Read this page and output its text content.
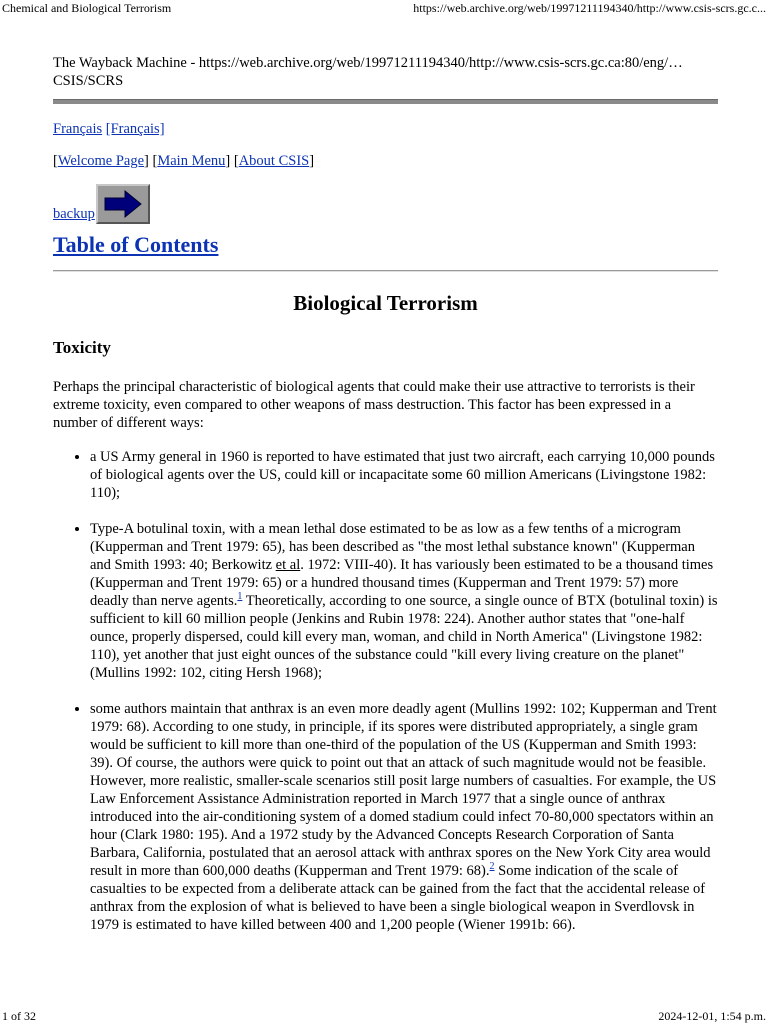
Chemical and Biological Terrorism	https://web.archive.org/web/19971211194340/http://www.csis-scrs.gc.c...

The Wayback Machine - https://web.archive.org/web/19971211194340/http://www.csis-scrs.gc.ca:80/eng/…
CSIS/SCRS

Français [Français]

[Welcome Page] [Main Menu] [About CSIS]

backup

Table of Contents

Biological Terrorism
Toxicity

Perhaps the principal characteristic of biological agents that could make their use attractive to terrorists is their extreme toxicity, even compared to other weapons of mass destruction. This factor has been expressed in a number of different ways:

• a US Army general in 1960 is reported to have estimated that just two aircraft, each carrying 10,000 pounds of biological agents over the US, could kill or incapacitate some 60 million Americans (Livingstone 1982: 110);
• Type-A botulinal toxin, with a mean lethal dose estimated to be as low as a few tenths of a microgram (Kupperman and Trent 1979: 65), has been described as "the most lethal substance known" (Kupperman and Smith 1993: 40; Berkowitz et al. 1972: VIII-40). It has variously been estimated to be a thousand times (Kupperman and Trent 1979: 65) or a hundred thousand times (Kupperman and Trent 1979: 57) more deadly than nerve agents.$^1$ Theoretically, according to one source, a single ounce of BTX (botulinal toxin) is sufficient to kill 60 million people (Jenkins and Rubin 1978: 224). Another author states that "one-half ounce, properly dispersed, could kill every man, woman, and child in North America" (Livingstone 1982: 110), yet another that just eight ounces of the substance could "kill every living creature on the planet" (Mullins 1992: 102, citing Hersh 1968);
• some authors maintain that anthrax is an even more deadly agent (Mullins 1992: 102; Kupperman and Trent 1979: 68). According to one study, in principle, if its spores were distributed appropriately, a single gram would be sufficient to kill more than one-third of the population of the US (Kupperman and Smith 1993: 39). Of course, the authors were quick to point out that an attack of such magnitude would not be feasible. However, more realistic, smaller-scale scenarios still posit large numbers of casualties. For example, the US Law Enforcement Assistance Administration reported in March 1977 that a single ounce of anthrax introduced into the air-conditioning system of a domed stadium could infect 70-80,000 spectators within an hour (Clark 1980: 195). And a 1972 study by the Advanced Concepts Research Corporation of Santa Barbara, California, postulated that an aerosol attack with anthrax spores on the New York City area would result in more than 600,000 deaths (Kupperman and Trent 1979: 68).$^2$ Some indication of the scale of casualties to be expected from a deliberate attack can be gained from the fact that the accidental release of anthrax from the explosion of what is believed to have been a single biological weapon in Sverdlovsk in 1979 is estimated to have killed between 400 and 1,200 people (Wiener 1991b: 66).
1 of 32	2024-12-01, 1:54 p.m.
